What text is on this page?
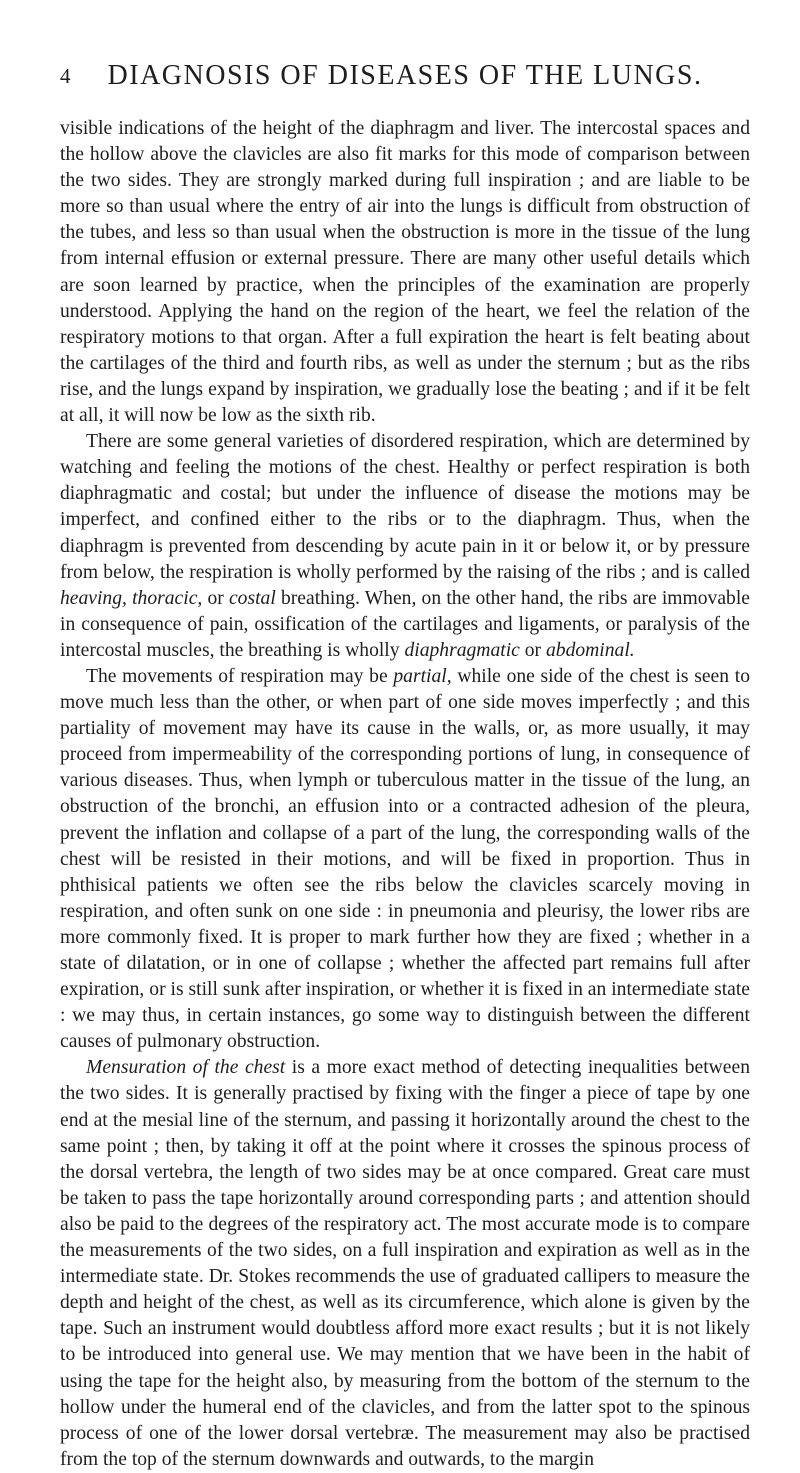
4	DIAGNOSIS OF DISEASES OF THE LUNGS.

visible indications of the height of the diaphragm and liver. The intercostal spaces and the hollow above the clavicles are also fit marks for this mode of comparison between the two sides. They are strongly marked during full inspiration ; and are liable to be more so than usual where the entry of air into the lungs is difficult from obstruction of the tubes, and less so than usual when the obstruction is more in the tissue of the lung from internal effusion or external pressure. There are many other useful details which are soon learned by practice, when the principles of the examination are properly understood. Applying the hand on the region of the heart, we feel the relation of the respiratory motions to that organ. After a full expiration the heart is felt beating about the cartilages of the third and fourth ribs, as well as under the sternum ; but as the ribs rise, and the lungs expand by inspiration, we gradually lose the beating ; and if it be felt at all, it will now be low as the sixth rib.

There are some general varieties of disordered respiration, which are determined by watching and feeling the motions of the chest. Healthy or perfect respiration is both diaphragmatic and costal; but under the influence of disease the motions may be imperfect, and confined either to the ribs or to the diaphragm. Thus, when the diaphragm is prevented from descending by acute pain in it or below it, or by pressure from below, the respiration is wholly performed by the raising of the ribs ; and is called heaving, thoracic, or costal breathing. When, on the other hand, the ribs are immovable in consequence of pain, ossification of the cartilages and ligaments, or paralysis of the intercostal muscles, the breathing is wholly diaphragmatic or abdominal.

The movements of respiration may be partial, while one side of the chest is seen to move much less than the other, or when part of one side moves imperfectly ; and this partiality of movement may have its cause in the walls, or, as more usually, it may proceed from impermeability of the corresponding portions of lung, in consequence of various diseases. Thus, when lymph or tuberculous matter in the tissue of the lung, an obstruction of the bronchi, an effusion into or a contracted adhesion of the pleura, prevent the inflation and collapse of a part of the lung, the corresponding walls of the chest will be resisted in their motions, and will be fixed in proportion. Thus in phthisical patients we often see the ribs below the clavicles scarcely moving in respiration, and often sunk on one side : in pneumonia and pleurisy, the lower ribs are more commonly fixed. It is proper to mark further how they are fixed ; whether in a state of dilatation, or in one of collapse ; whether the affected part remains full after expiration, or is still sunk after inspiration, or whether it is fixed in an intermediate state : we may thus, in certain instances, go some way to distinguish between the different causes of pulmonary obstruction.

Mensuration of the chest is a more exact method of detecting inequalities between the two sides. It is generally practised by fixing with the finger a piece of tape by one end at the mesial line of the sternum, and passing it horizontally around the chest to the same point ; then, by taking it off at the point where it crosses the spinous process of the dorsal vertebra, the length of two sides may be at once compared. Great care must be taken to pass the tape horizontally around corresponding parts ; and attention should also be paid to the degrees of the respiratory act. The most accurate mode is to compare the measurements of the two sides, on a full inspiration and expiration as well as in the intermediate state. Dr. Stokes recommends the use of graduated callipers to measure the depth and height of the chest, as well as its circumference, which alone is given by the tape. Such an instrument would doubtless afford more exact results ; but it is not likely to be introduced into general use. We may mention that we have been in the habit of using the tape for the height also, by measuring from the bottom of the sternum to the hollow under the humeral end of the clavicles, and from the latter spot to the spinous process of one of the lower dorsal vertebræ. The measurement may also be practised from the top of the sternum downwards and outwards, to the margin
